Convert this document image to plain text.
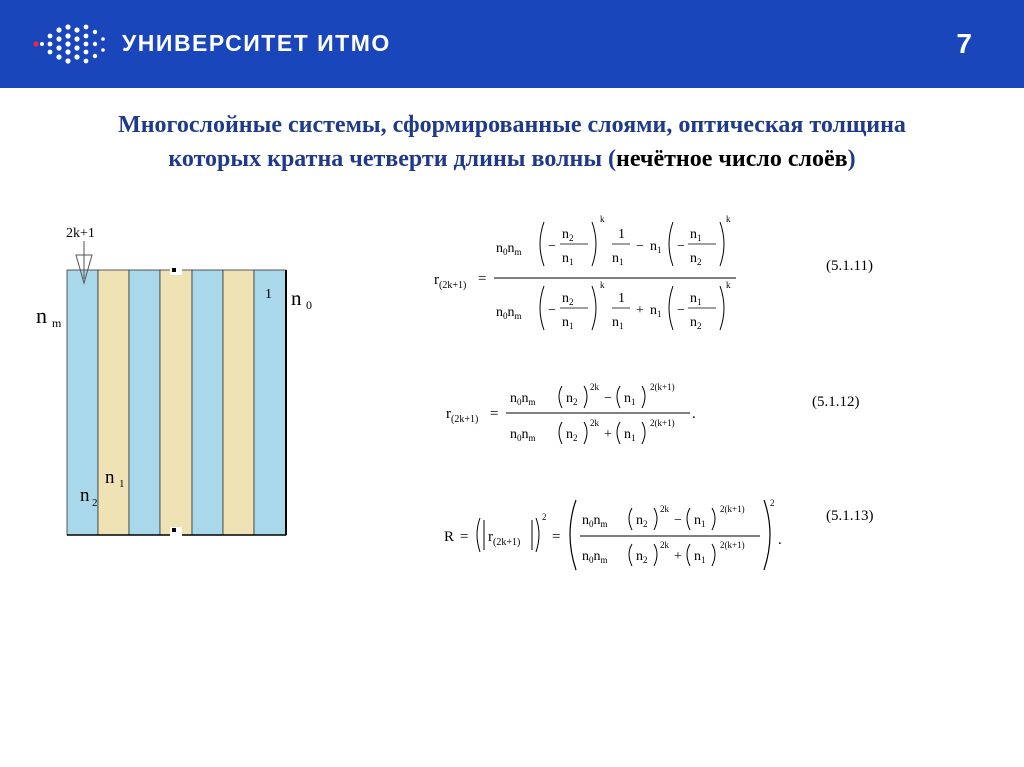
УНИВЕРСИТЕТ ИТМО	7
Многослойные системы, сформированные слоями, оптическая толщина
которых кратна четверти длины волны (нечётное число слоёв)
2k+1
n m
n 0
1
n 1
n 2
$r_{(2k+1)}$ =
$n_0n_m$ −
$n_2$
$n_1$
k
1
$n_1$
− $n_1$ −
$n_1$
$n_2$
k
$n_0n_m$ −
$n_2$
$n_1$
k
1
$n_1$
+ $n_1$ −
$n_1$
$n_2$
k
(5.1.11)
$r_{(2k+1)}$ =
$n_0n_m$ $n_2$
2k
− $n_1$
2(k+1)
$n_0n_m$ $n_2$
2k
+ $n_1$
2(k+1)
.
(5.1.12)
$R = r_{(2k+1)}$
2
=
$n_0n_m$ $n_2$
2k
− $n_1$
2(k+1)
$n_0n_m$ $n_2$
2k
+ $n_1$
2(k+1)
2
.
(5.1.13)
